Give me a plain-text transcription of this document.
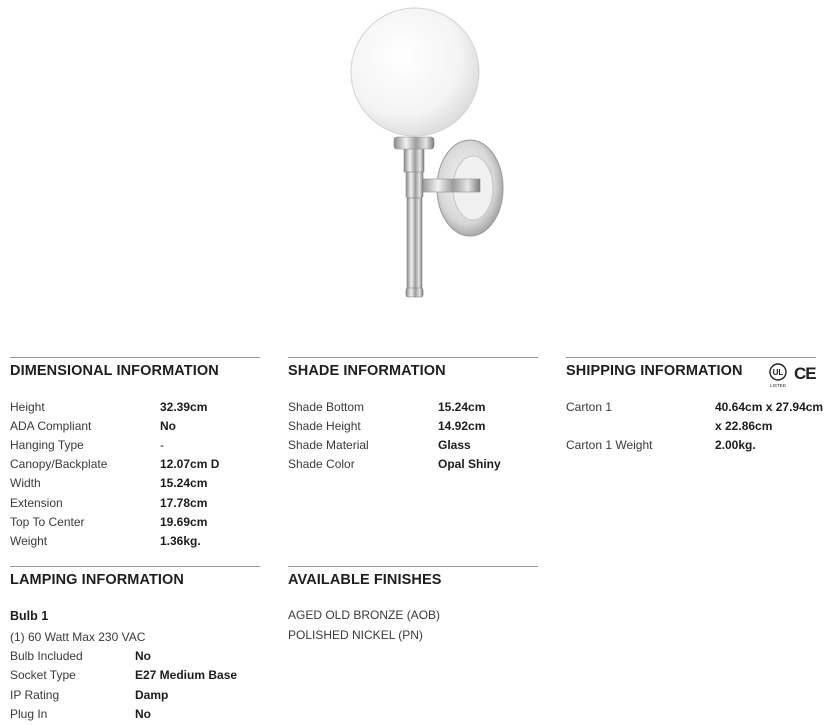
DIMENSIONAL INFORMATION
Height	32.39cm
ADA Compliant	No
Hanging Type	-
Canopy/Backplate	12.07cm D
Width	15.24cm
Extension	17.78cm
Top To Center	19.69cm
Weight	1.36kg.
SHADE INFORMATION
Shade Bottom	15.24cm
Shade Height	14.92cm
Shade Material	Glass
Shade Color	Opal Shiny
SHIPPING INFORMATION	UL
LISTED
CE
Carton 1	40.64cm x 27.94cm
x 22.86cm
Carton 1 Weight	2.00kg.
LAMPING INFORMATION
Bulb 1
(1) 60 Watt Max 230 VAC
Bulb Included	No
Socket Type	E27 Medium Base
IP Rating	Damp
Plug In	No
AVAILABLE FINISHES
AGED OLD BRONZE (AOB)
POLISHED NICKEL (PN)
